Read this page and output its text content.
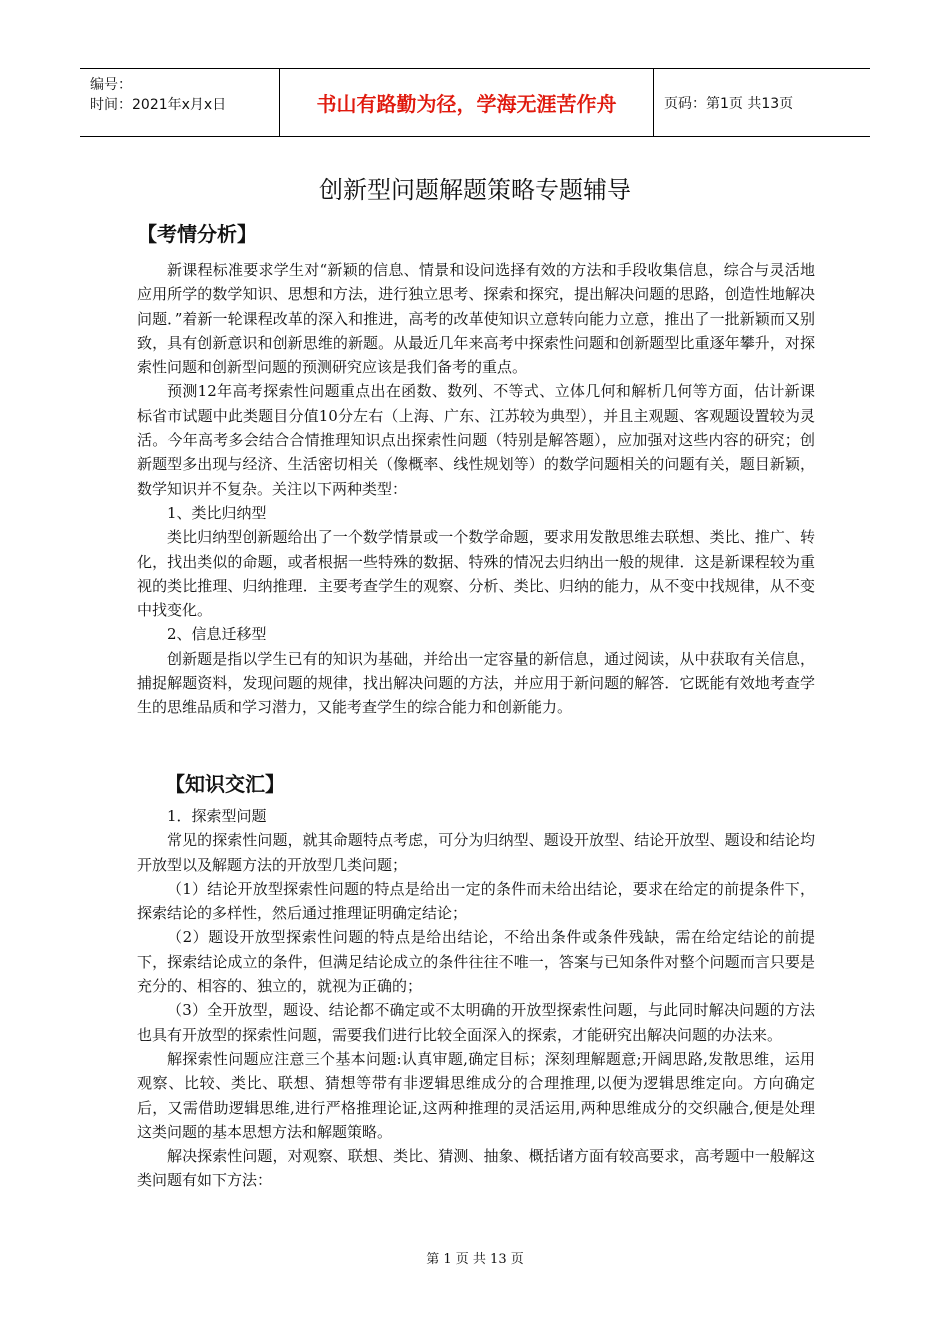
编号：
时间：2021年x月x日	书山有路勤为径，学海无涯苦作舟	页码：第1页 共13页
创新型问题解题策略专题辅导
【考情分析】

新课程标准要求学生对“新颖的信息、情景和设问选择有效的方法和手段收集信息，综合与灵活地应用所学的数学知识、思想和方法，进行独立思考、探索和探究，提出解决问题的思路，创造性地解决问题．”着新一轮课程改革的深入和推进，高考的改革使知识立意转向能力立意，推出了一批新颖而又别致，具有创新意识和创新思维的新题。从最近几年来高考中探索性问题和创新题型比重逐年攀升，对探索性问题和创新型问题的预测研究应该是我们备考的重点。

预测12年高考探索性问题重点出在函数、数列、不等式、立体几何和解析几何等方面，估计新课标省市试题中此类题目分值10分左右（上海、广东、江苏较为典型），并且主观题、客观题设置较为灵活。今年高考多会结合合情推理知识点出探索性问题（特别是解答题），应加强对这些内容的研究；创新题型多出现与经济、生活密切相关（像概率、线性规划等）的数学问题相关的问题有关，题目新颖，数学知识并不复杂。关注以下两种类型：

1、类比归纳型

类比归纳型创新题给出了一个数学情景或一个数学命题，要求用发散思维去联想、类比、推广、转化，找出类似的命题，或者根据一些特殊的数据、特殊的情况去归纳出一般的规律．这是新课程较为重视的类比推理、归纳推理．主要考查学生的观察、分析、类比、归纳的能力，从不变中找规律，从不变中找变化。

2、信息迁移型

创新题是指以学生已有的知识为基础，并给出一定容量的新信息，通过阅读，从中获取有关信息，捕捉解题资料，发现问题的规律，找出解决问题的方法，并应用于新问题的解答．它既能有效地考查学生的思维品质和学习潜力，又能考查学生的综合能力和创新能力。

【知识交汇】

1．探索型问题

常见的探索性问题，就其命题特点考虑，可分为归纳型、题设开放型、结论开放型、题设和结论均开放型以及解题方法的开放型几类问题；

（1）结论开放型探索性问题的特点是给出一定的条件而未给出结论，要求在给定的前提条件下，探索结论的多样性，然后通过推理证明确定结论；

（2）题设开放型探索性问题的特点是给出结论，不给出条件或条件残缺，需在给定结论的前提下，探索结论成立的条件，但满足结论成立的条件往往不唯一，答案与已知条件对整个问题而言只要是充分的、相容的、独立的，就视为正确的；

（3）全开放型，题设、结论都不确定或不太明确的开放型探索性问题，与此同时解决问题的方法也具有开放型的探索性问题，需要我们进行比较全面深入的探索，才能研究出解决问题的办法来。

解探索性问题应注意三个基本问题:认真审题,确定目标；深刻理解题意;开阔思路,发散思维，运用观察、比较、类比、联想、猜想等带有非逻辑思维成分的合理推理,以便为逻辑思维定向。方向确定后，又需借助逻辑思维,进行严格推理论证,这两种推理的灵活运用,两种思维成分的交织融合,便是处理这类问题的基本思想方法和解题策略。

解决探索性问题，对观察、联想、类比、猜测、抽象、概括诸方面有较高要求，高考题中一般解这类问题有如下方法：

第 1 页 共 13 页
